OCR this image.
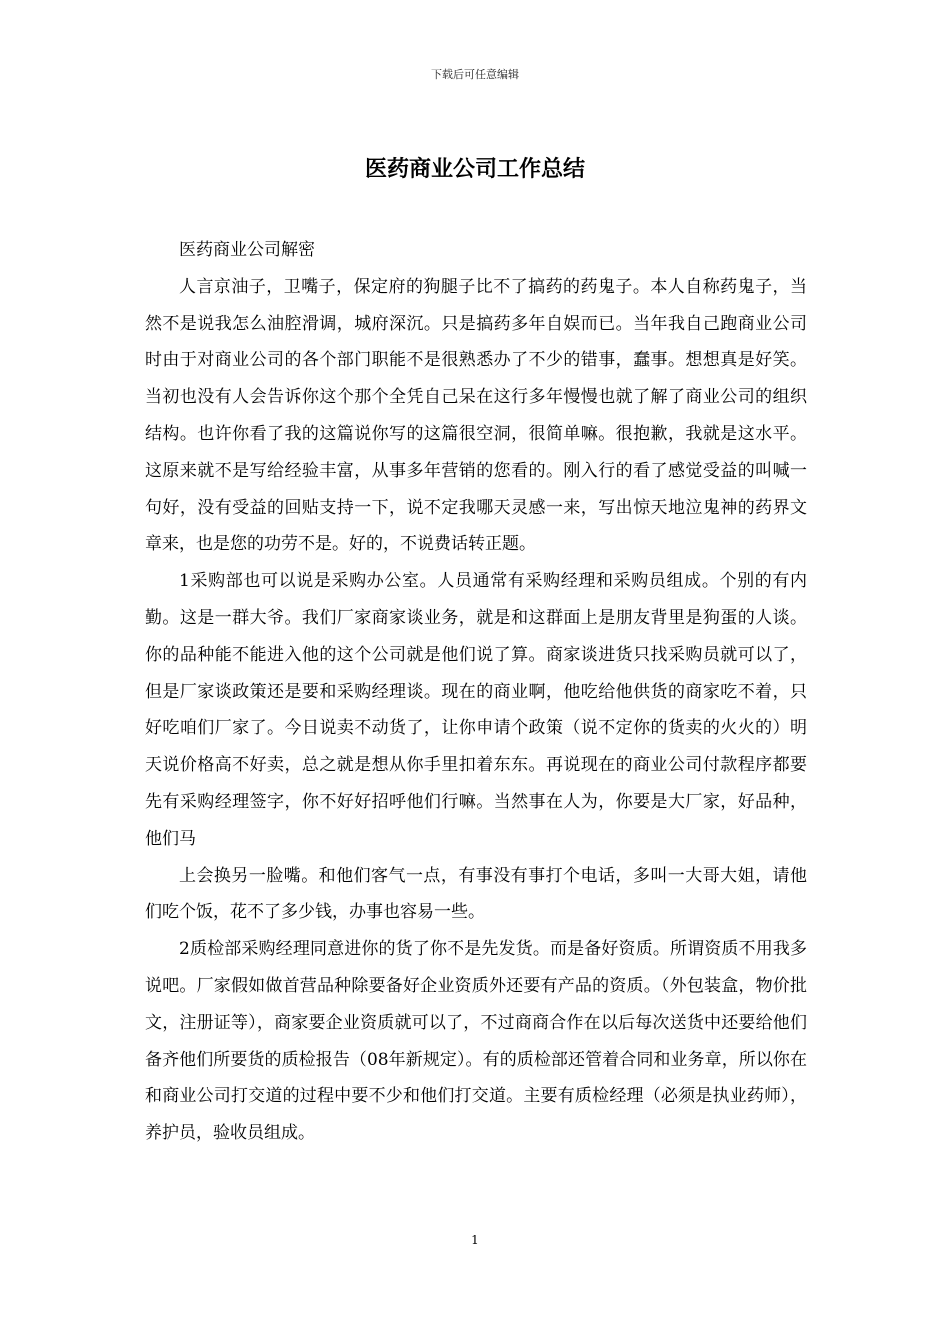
下载后可任意编辑
医药商业公司工作总结

医药商业公司解密

人言京油子，卫嘴子，保定府的狗腿子比不了搞药的药鬼子。本人自称药鬼子，当然不是说我怎么油腔滑调，城府深沉。只是搞药多年自娱而已。当年我自己跑商业公司时由于对商业公司的各个部门职能不是很熟悉办了不少的错事，蠢事。想想真是好笑。当初也没有人会告诉你这个那个全凭自己呆在这行多年慢慢也就了解了商业公司的组织结构。也许你看了我的这篇说你写的这篇很空洞，很简单嘛。很抱歉，我就是这水平。这原来就不是写给经验丰富，从事多年营销的您看的。刚入行的看了感觉受益的叫喊一句好，没有受益的回贴支持一下，说不定我哪天灵感一来，写出惊天地泣鬼神的药界文章来，也是您的功劳不是。好的，不说费话转正题。

1采购部也可以说是采购办公室。人员通常有采购经理和采购员组成。个别的有内勤。这是一群大爷。我们厂家商家谈业务，就是和这群面上是朋友背里是狗蛋的人谈。你的品种能不能进入他的这个公司就是他们说了算。商家谈进货只找采购员就可以了，但是厂家谈政策还是要和采购经理谈。现在的商业啊，他吃给他供货的商家吃不着，只好吃咱们厂家了。今日说卖不动货了，让你申请个政策（说不定你的货卖的火火的）明天说价格高不好卖，总之就是想从你手里扣着东东。再说现在的商业公司付款程序都要先有采购经理签字，你不好好招呼他们行嘛。当然事在人为，你要是大厂家，好品种，他们马

上会换另一脸嘴。和他们客气一点，有事没有事打个电话，多叫一大哥大姐，请他们吃个饭，花不了多少钱，办事也容易一些。

2质检部采购经理同意进你的货了你不是先发货。而是备好资质。所谓资质不用我多说吧。厂家假如做首营品种除要备好企业资质外还要有产品的资质。（外包装盒，物价批文，注册证等），商家要企业资质就可以了，不过商商合作在以后每次送货中还要给他们备齐他们所要货的质检报告（08年新规定）。有的质检部还管着合同和业务章，所以你在和商业公司打交道的过程中要不少和他们打交道。主要有质检经理（必须是执业药师），养护员，验收员组成。

1
